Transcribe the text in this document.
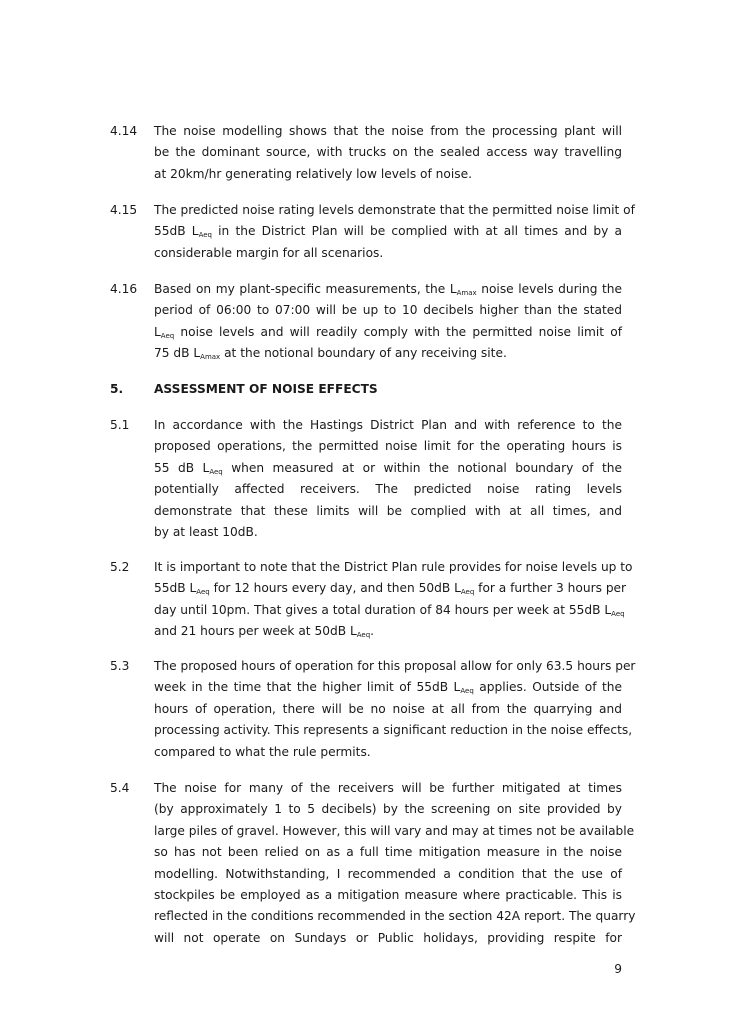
4.14 The noise modelling shows that the noise from the processing plant will
be the dominant source, with trucks on the sealed access way travelling
at 20km/hr generating relatively low levels of noise.
4.15 The predicted noise rating levels demonstrate that the permitted noise limit of
55dB $L_{Aeq}$ in the District Plan will be complied with at all times and by a
considerable margin for all scenarios.
4.16 Based on my plant-specific measurements, the $L_{Amax}$ noise levels during the
period of 06:00 to 07:00 will be up to 10 decibels higher than the stated
$L_{Aeq}$ noise levels and will readily comply with the permitted noise limit of
75 dB $L_{Amax}$ at the notional boundary of any receiving site.
5.	ASSESSMENT OF NOISE EFFECTS
5.1 In accordance with the Hastings District Plan and with reference to the
proposed operations, the permitted noise limit for the operating hours is
55 dB $L_{Aeq}$ when measured at or within the notional boundary of the
potentially affected receivers. The predicted noise rating levels
demonstrate that these limits will be complied with at all times, and
by at least 10dB.
5.2 It is important to note that the District Plan rule provides for noise levels up to
55dB $L_{Aeq}$ for 12 hours every day, and then 50dB $L_{Aeq}$ for a further 3 hours per
day until 10pm. That gives a total duration of 84 hours per week at 55dB $L_{Aeq}$
and 21 hours per week at 50dB $L_{Aeq}$.
5.3 The proposed hours of operation for this proposal allow for only 63.5 hours per
week in the time that the higher limit of 55dB $L_{Aeq}$ applies. Outside of the
hours of operation, there will be no noise at all from the quarrying and
processing activity. This represents a significant reduction in the noise effects,
compared to what the rule permits.
5.4 The noise for many of the receivers will be further mitigated at times
(by approximately 1 to 5 decibels) by the screening on site provided by
large piles of gravel. However, this will vary and may at times not be available
so has not been relied on as a full time mitigation measure in the noise
modelling. Notwithstanding, I recommended a condition that the use of
stockpiles be employed as a mitigation measure where practicable. This is
reflected in the conditions recommended in the section 42A report. The quarry
will not operate on Sundays or Public holidays, providing respite for
9
